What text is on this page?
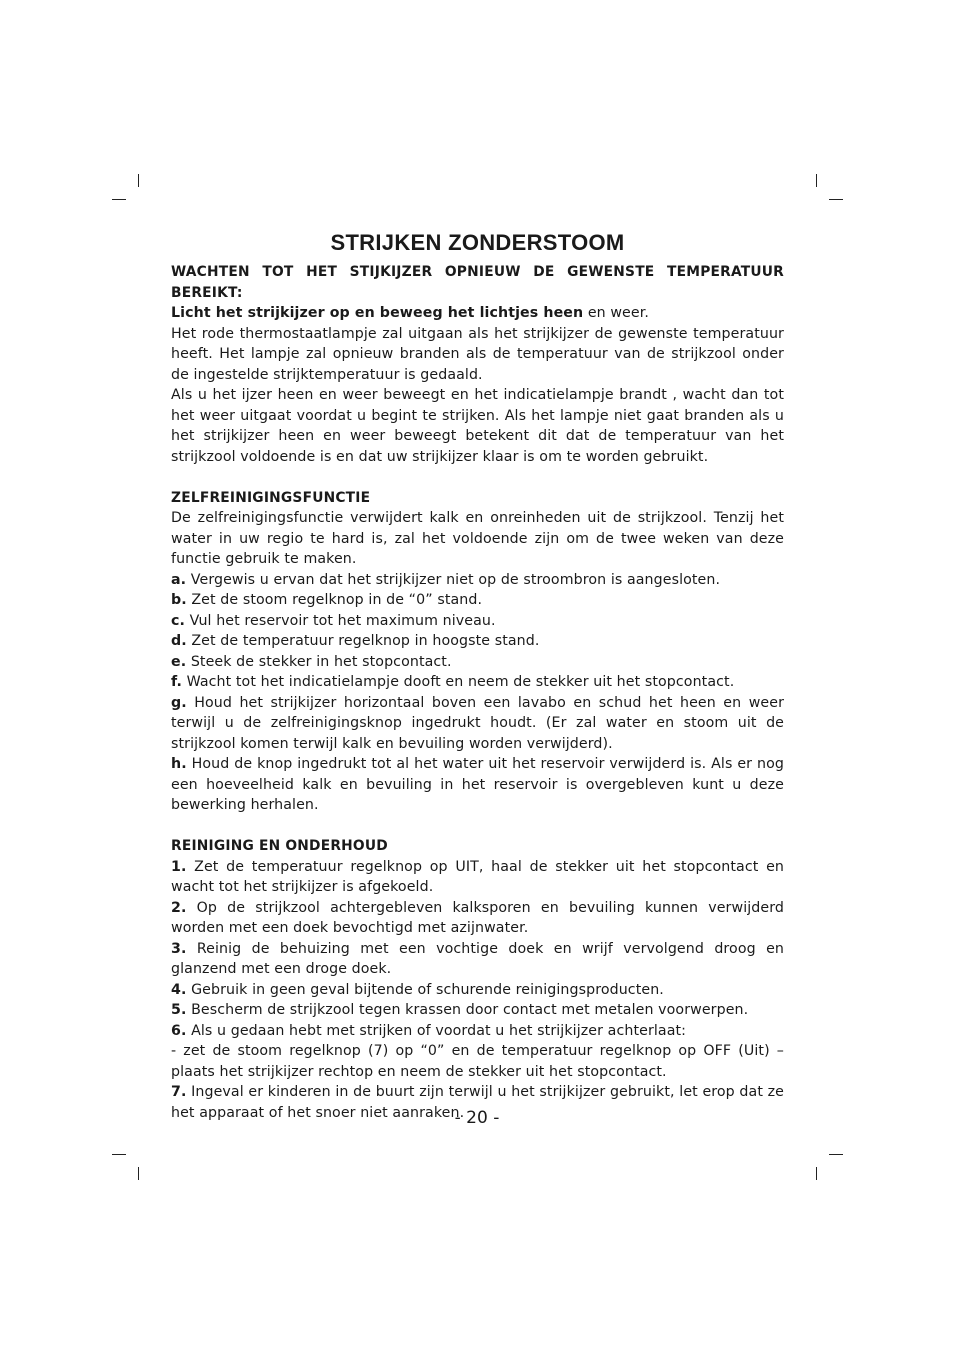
STRIJKEN ZONDERSTOOM

WACHTEN TOT HET STIJKIJZER OPNIEUW DE GEWENSTE TEMPERATUUR BEREIKT:

Licht het strijkijzer op en beweeg het lichtjes heen en weer.

Het rode thermostaatlampje zal uitgaan als het strijkijzer de gewenste temperatuur heeft. Het lampje zal opnieuw branden als de temperatuur van de strijkzool onder de ingestelde strijktemperatuur is gedaald.

Als u het ijzer heen en weer beweegt en het indicatielampje brandt , wacht dan tot het weer uitgaat voordat u begint te strijken. Als het lampje niet gaat branden als u het strijkijzer heen en weer beweegt betekent dit dat de temperatuur van het strijkzool voldoende is en dat uw strijkijzer klaar is om te worden gebruikt.

ZELFREINIGINGSFUNCTIE

De zelfreinigingsfunctie verwijdert kalk en onreinheden uit de strijkzool. Tenzij het water in uw regio te hard is, zal het voldoende zijn om de twee weken van deze functie gebruik te maken.

a. Vergewis u ervan dat het strijkijzer niet op de stroombron is aangesloten.

b. Zet de stoom regelknop in de “0” stand.

c. Vul het reservoir tot het maximum niveau.

d. Zet de temperatuur regelknop in hoogste stand.

e. Steek de stekker in het stopcontact.

f. Wacht tot het indicatielampje dooft en neem de stekker uit het stopcontact.

g. Houd het strijkijzer horizontaal boven een lavabo en schud het heen en weer terwijl u de zelfreinigingsknop ingedrukt houdt. (Er zal water en stoom uit de strijkzool komen terwijl kalk en bevuiling worden verwijderd).

h. Houd de knop ingedrukt tot al het water uit het reservoir verwijderd is. Als er nog een hoeveelheid kalk en bevuiling in het reservoir is overgebleven kunt u deze bewerking herhalen.

REINIGING EN ONDERHOUD

1. Zet de temperatuur regelknop op UIT, haal de stekker uit het stopcontact en wacht tot het strijkijzer is afgekoeld.

2. Op de strijkzool achtergebleven kalksporen en bevuiling kunnen verwijderd worden met een doek bevochtigd met azijnwater.

3. Reinig de behuizing met een vochtige doek en wrijf vervolgend droog en glanzend met een droge doek.

4. Gebruik in geen geval bijtende of schurende reinigingsproducten.

5. Bescherm de strijkzool tegen krassen door contact met metalen voorwerpen.

6. Als u gedaan hebt met strijken of voordat u het strijkijzer achterlaat:

- zet de stoom regelknop (7) op “0” en de temperatuur regelknop op OFF (Uit) – plaats het strijkijzer rechtop en neem de stekker uit het stopcontact.

7. Ingeval er kinderen in de buurt zijn terwijl u het strijkijzer gebruikt, let erop dat ze het apparaat of het snoer niet aanraken.

- 20 -
